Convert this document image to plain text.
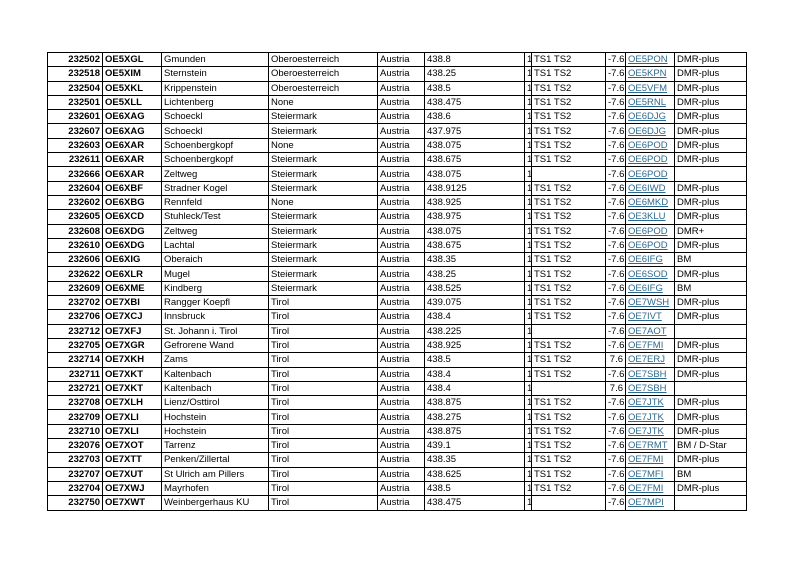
232502	OE5XGL	Gmunden	Oberoesterreich	Austria	438.8	1	TS1 TS2	-7.6	OE5PON	DMR-plus
232518	OE5XIM	Sternstein	Oberoesterreich	Austria	438.25	1	TS1 TS2	-7.6	OE5KPN	DMR-plus
232504	OE5XKL	Krippenstein	Oberoesterreich	Austria	438.5	1	TS1 TS2	-7.6	OE5VFM	DMR-plus
232501	OE5XLL	Lichtenberg	None	Austria	438.475	1	TS1 TS2	-7.6	OE5RNL	DMR-plus
232601	OE6XAG	Schoeckl	Steiermark	Austria	438.6	1	TS1 TS2	-7.6	OE6DJG	DMR-plus
232607	OE6XAG	Schoeckl	Steiermark	Austria	437.975	1	TS1 TS2	-7.6	OE6DJG	DMR-plus
232603	OE6XAR	Schoenbergkopf	None	Austria	438.075	1	TS1 TS2	-7.6	OE6POD	DMR-plus
232611	OE6XAR	Schoenbergkopf	Steiermark	Austria	438.675	1	TS1 TS2	-7.6	OE6POD	DMR-plus
232666	OE6XAR	Zeltweg	Steiermark	Austria	438.075	1		-7.6	OE6POD	
232604	OE6XBF	Stradner Kogel	Steiermark	Austria	438.9125	1	TS1 TS2	-7.6	OE6IWD	DMR-plus
232602	OE6XBG	Rennfeld	None	Austria	438.925	1	TS1 TS2	-7.6	OE6MKD	DMR-plus
232605	OE6XCD	Stuhleck/Test	Steiermark	Austria	438.975	1	TS1 TS2	-7.6	OE3KLU	DMR-plus
232608	OE6XDG	Zeltweg	Steiermark	Austria	438.075	1	TS1 TS2	-7.6	OE6POD	DMR+
232610	OE6XDG	Lachtal	Steiermark	Austria	438.675	1	TS1 TS2	-7.6	OE6POD	DMR-plus
232606	OE6XIG	Oberaich	Steiermark	Austria	438.35	1	TS1 TS2	-7.6	OE6IFG	BM
232622	OE6XLR	Mugel	Steiermark	Austria	438.25	1	TS1 TS2	-7.6	OE6SOD	DMR-plus
232609	OE6XME	Kindberg	Steiermark	Austria	438.525	1	TS1 TS2	-7.6	OE6IFG	BM
232702	OE7XBI	Rangger Koepfl	Tirol	Austria	439.075	1	TS1 TS2	-7.6	OE7WSH	DMR-plus
232706	OE7XCJ	Innsbruck	Tirol	Austria	438.4	1	TS1 TS2	-7.6	OE7IVT	DMR-plus
232712	OE7XFJ	St. Johann i. Tirol	Tirol	Austria	438.225	1		-7.6	OE7AOT	
232705	OE7XGR	Gefrorene Wand	Tirol	Austria	438.925	1	TS1 TS2	-7.6	OE7FMI	DMR-plus
232714	OE7XKH	Zams	Tirol	Austria	438.5	1	TS1 TS2	7.6	OE7ERJ	DMR-plus
232711	OE7XKT	Kaltenbach	Tirol	Austria	438.4	1	TS1 TS2	-7.6	OE7SBH	DMR-plus
232721	OE7XKT	Kaltenbach	Tirol	Austria	438.4	1		7.6	OE7SBH	
232708	OE7XLH	Lienz/Osttirol	Tirol	Austria	438.875	1	TS1 TS2	-7.6	OE7JTK	DMR-plus
232709	OE7XLI	Hochstein	Tirol	Austria	438.275	1	TS1 TS2	-7.6	OE7JTK	DMR-plus
232710	OE7XLI	Hochstein	Tirol	Austria	438.875	1	TS1 TS2	-7.6	OE7JTK	DMR-plus
232076	OE7XOT	Tarrenz	Tirol	Austria	439.1	1	TS1 TS2	-7.6	OE7RMT	BM / D-Star
232703	OE7XTT	Penken/Zillertal	Tirol	Austria	438.35	1	TS1 TS2	-7.6	OE7FMI	DMR-plus
232707	OE7XUT	St Ulrich am Pillers	Tirol	Austria	438.625	1	TS1 TS2	-7.6	OE7MFI	BM
232704	OE7XWJ	Mayrhofen	Tirol	Austria	438.5	1	TS1 TS2	-7.6	OE7FMI	DMR-plus
232750	OE7XWT	Weinbergerhaus KU	Tirol	Austria	438.475	1		-7.6	OE7MPI	
